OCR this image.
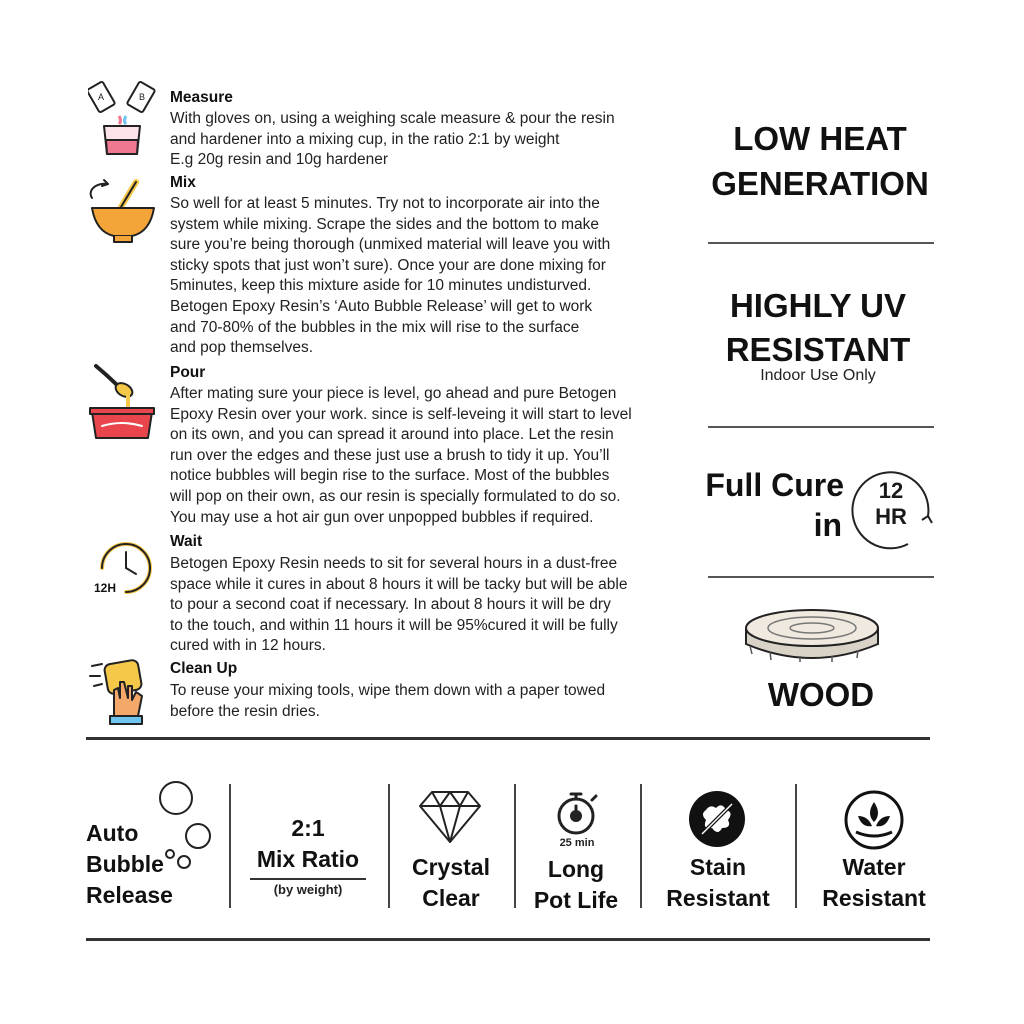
A	B Measure
With gloves on, using a weighing scale measure & pour the resin
and hardener into a mixing cup, in the ratio 2:1 by weight
E.g 20g resin and 10g hardener
Mix
So well for at least 5 minutes. Try not to incorporate air into the
system while mixing. Scrape the sides and the bottom to make
sure you’re being thorough (unmixed material will leave you with
sticky spots that just won’t sure). Once your are done mixing for
5minutes, keep this mixture aside for 10 minutes undisturved.
Betogen Epoxy Resin’s ‘Auto Bubble Release’ will get to work
and 70-80% of the bubbles in the mix will rise to the surface
and pop themselves.
Pour
After mating sure your piece is level, go ahead and pure Betogen
Epoxy Resin over your work. since is self-leveing it will start to level
on its own, and you can spread it around into place. Let the resin
run over the edges and these just use a brush to tidy it up. You’ll
notice bubbles will begin rise to the surface. Most of the bubbles
will pop on their own, as our resin is specially formulated to do so.
You may use a hot air gun over unpopped bubbles if required.
12H
Wait
Betogen Epoxy Resin needs to sit for several hours in a dust-free
space while it cures in about 8 hours it will be tacky but will be able
to pour a second coat if necessary. In about 8 hours it will be dry
to the touch, and within 11 hours it will be 95%cured it will be fully
cured with in 12 hours.
Clean Up
To reuse your mixing tools, wipe them down with a paper towed
before the resin dries.
LOW HEAT
GENERATION
HIGHLY UV
RESISTANT
Indoor Use Only
Full Cure
in
12
HR
WOOD
Auto
Bubble
Release
2:1
Mix Ratio
(by weight)
Crystal
Clear
25 min
Long
Pot Life
Stain
Resistant
Water
Resistant
